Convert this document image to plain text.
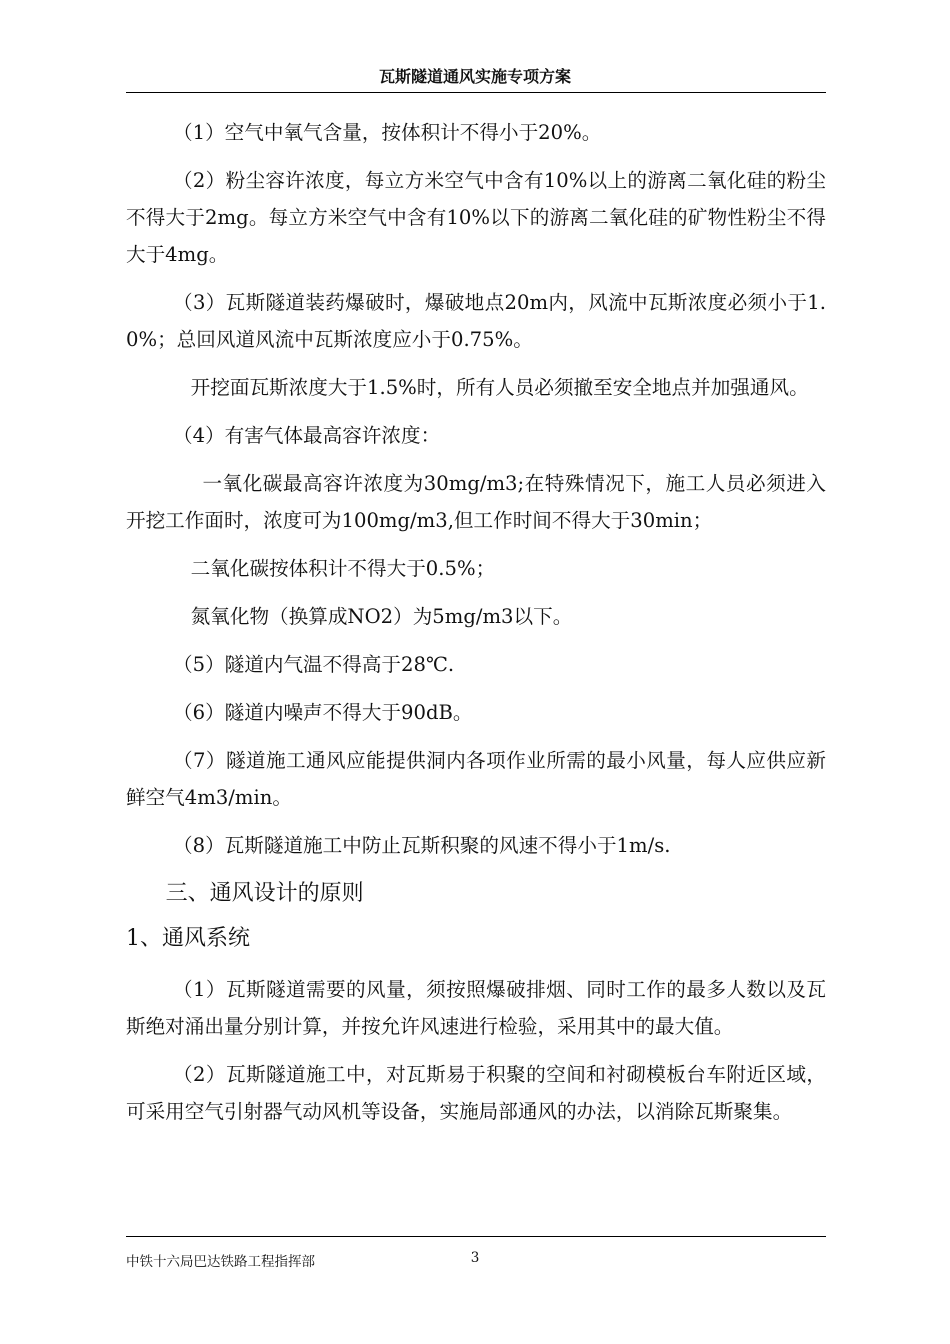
瓦斯隧道通风实施专项方案

（1）空气中氧气含量，按体积计不得小于20%。

（2）粉尘容许浓度，每立方米空气中含有10%以上的游离二氧化硅的粉尘不得大于2mg。每立方米空气中含有10%以下的游离二氧化硅的矿物性粉尘不得大于4mg。

（3）瓦斯隧道装药爆破时，爆破地点20m内，风流中瓦斯浓度必须小于1.0%；总回风道风流中瓦斯浓度应小于0.75%。

开挖面瓦斯浓度大于1.5%时，所有人员必须撤至安全地点并加强通风。

（4）有害气体最高容许浓度：

一氧化碳最高容许浓度为30mg/m3;在特殊情况下，施工人员必须进入开挖工作面时，浓度可为100mg/m3,但工作时间不得大于30min；

二氧化碳按体积计不得大于0.5%；

氮氧化物（换算成NO2）为5mg/m3以下。

（5）隧道内气温不得高于28℃.

（6）隧道内噪声不得大于90dB。

（7）隧道施工通风应能提供洞内各项作业所需的最小风量，每人应供应新鲜空气4m3/min。

（8）瓦斯隧道施工中防止瓦斯积聚的风速不得小于1m/s.

三、通风设计的原则

1、通风系统

（1）瓦斯隧道需要的风量，须按照爆破排烟、同时工作的最多人数以及瓦斯绝对涌出量分别计算，并按允许风速进行检验，采用其中的最大值。

（2）瓦斯隧道施工中，对瓦斯易于积聚的空间和衬砌模板台车附近区域，可采用空气引射器气动风机等设备，实施局部通风的办法，以消除瓦斯聚集。

中铁十六局巴达铁路工程指挥部	3
